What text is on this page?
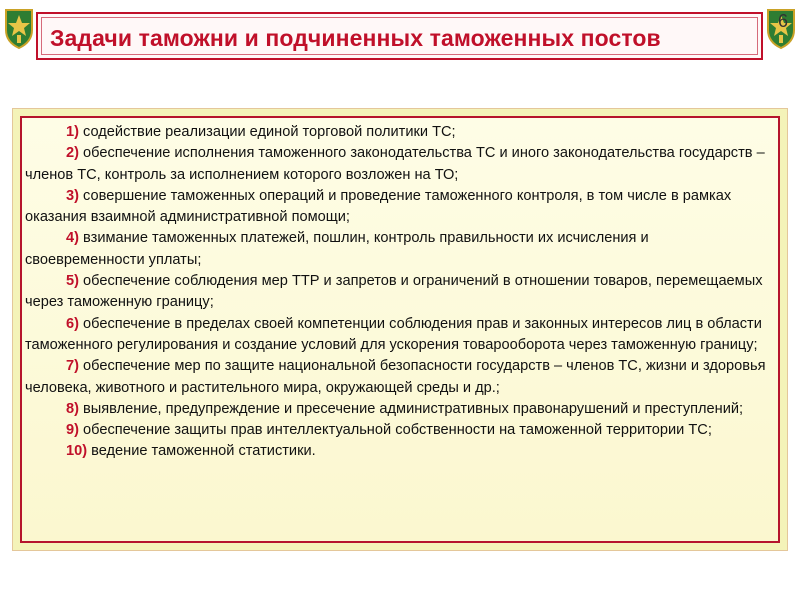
Задачи таможни и подчиненных таможенных постов
6

1) содействие реализации единой торговой политики ТС;

2) обеспечение исполнения таможенного законодательства ТС и иного законодательства государств – членов ТС, контроль за исполнением которого возложен на ТО;

3) совершение таможенных операций и проведение таможенного контроля, в том числе в рамках оказания взаимной административной помощи;

4) взимание таможенных платежей, пошлин, контроль правильности их исчисления и своевременности уплаты;

5) обеспечение соблюдения мер ТТР и запретов и ограничений в отношении товаров, перемещаемых через таможенную границу;

6) обеспечение в пределах своей компетенции соблюдения прав и законных интересов лиц в области таможенного регулирования и создание условий для ускорения товарооборота через таможенную границу;

7) обеспечение мер по защите национальной безопасности государств – членов ТС, жизни и здоровья человека, животного и растительного мира, окружающей среды и др.;

8) выявление, предупреждение и пресечение административных правонарушений и преступлений;

9) обеспечение защиты прав интеллектуальной собственности на таможенной территории ТС;

10) ведение таможенной статистики.
